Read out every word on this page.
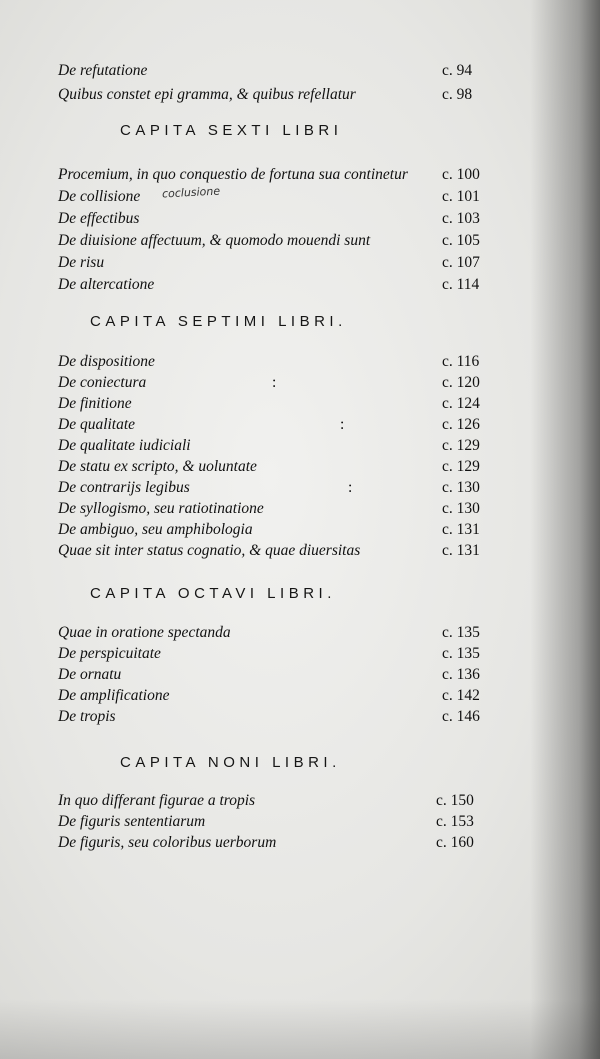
De refutatione	c. 94
Quibus constet epi gramma, & quibus refellatur	c. 98
CAPITA SEXTI LIBRI
Procemium, in quo conquestio de fortuna sua continetur c. 100
De collisione	c. 101
De effectibus	c. 103
De diuisione affectuum, & quomodo mouendi sunt	c. 105
De risu	c. 107
De altercatione	c. 114
coclusione
CAPITA SEPTIMI LIBRI.
De dispositione	c. 116
De coniectura	:	c. 120
De finitione	c. 124
De qualitate	:	c. 126
De qualitate iudiciali	c. 129
De statu ex scripto, & uoluntate	c. 129
De contrarijs legibus	:	c. 130
De syllogismo, seu ratiotinatione	c. 130
De ambiguo, seu amphibologia	c. 131
Quae sit inter status cognatio, & quae diuersitas	c. 131
CAPITA OCTAVI LIBRI.
Quae in oratione spectanda	c. 135
De perspicuitate	c. 135
De ornatu	c. 136
De amplificatione	c. 142
De tropis	c. 146
CAPITA NONI LIBRI.
In quo differant figurae a tropis	c. 150
De figuris sententiarum	c. 153
De figuris, seu coloribus uerborum	c. 160
